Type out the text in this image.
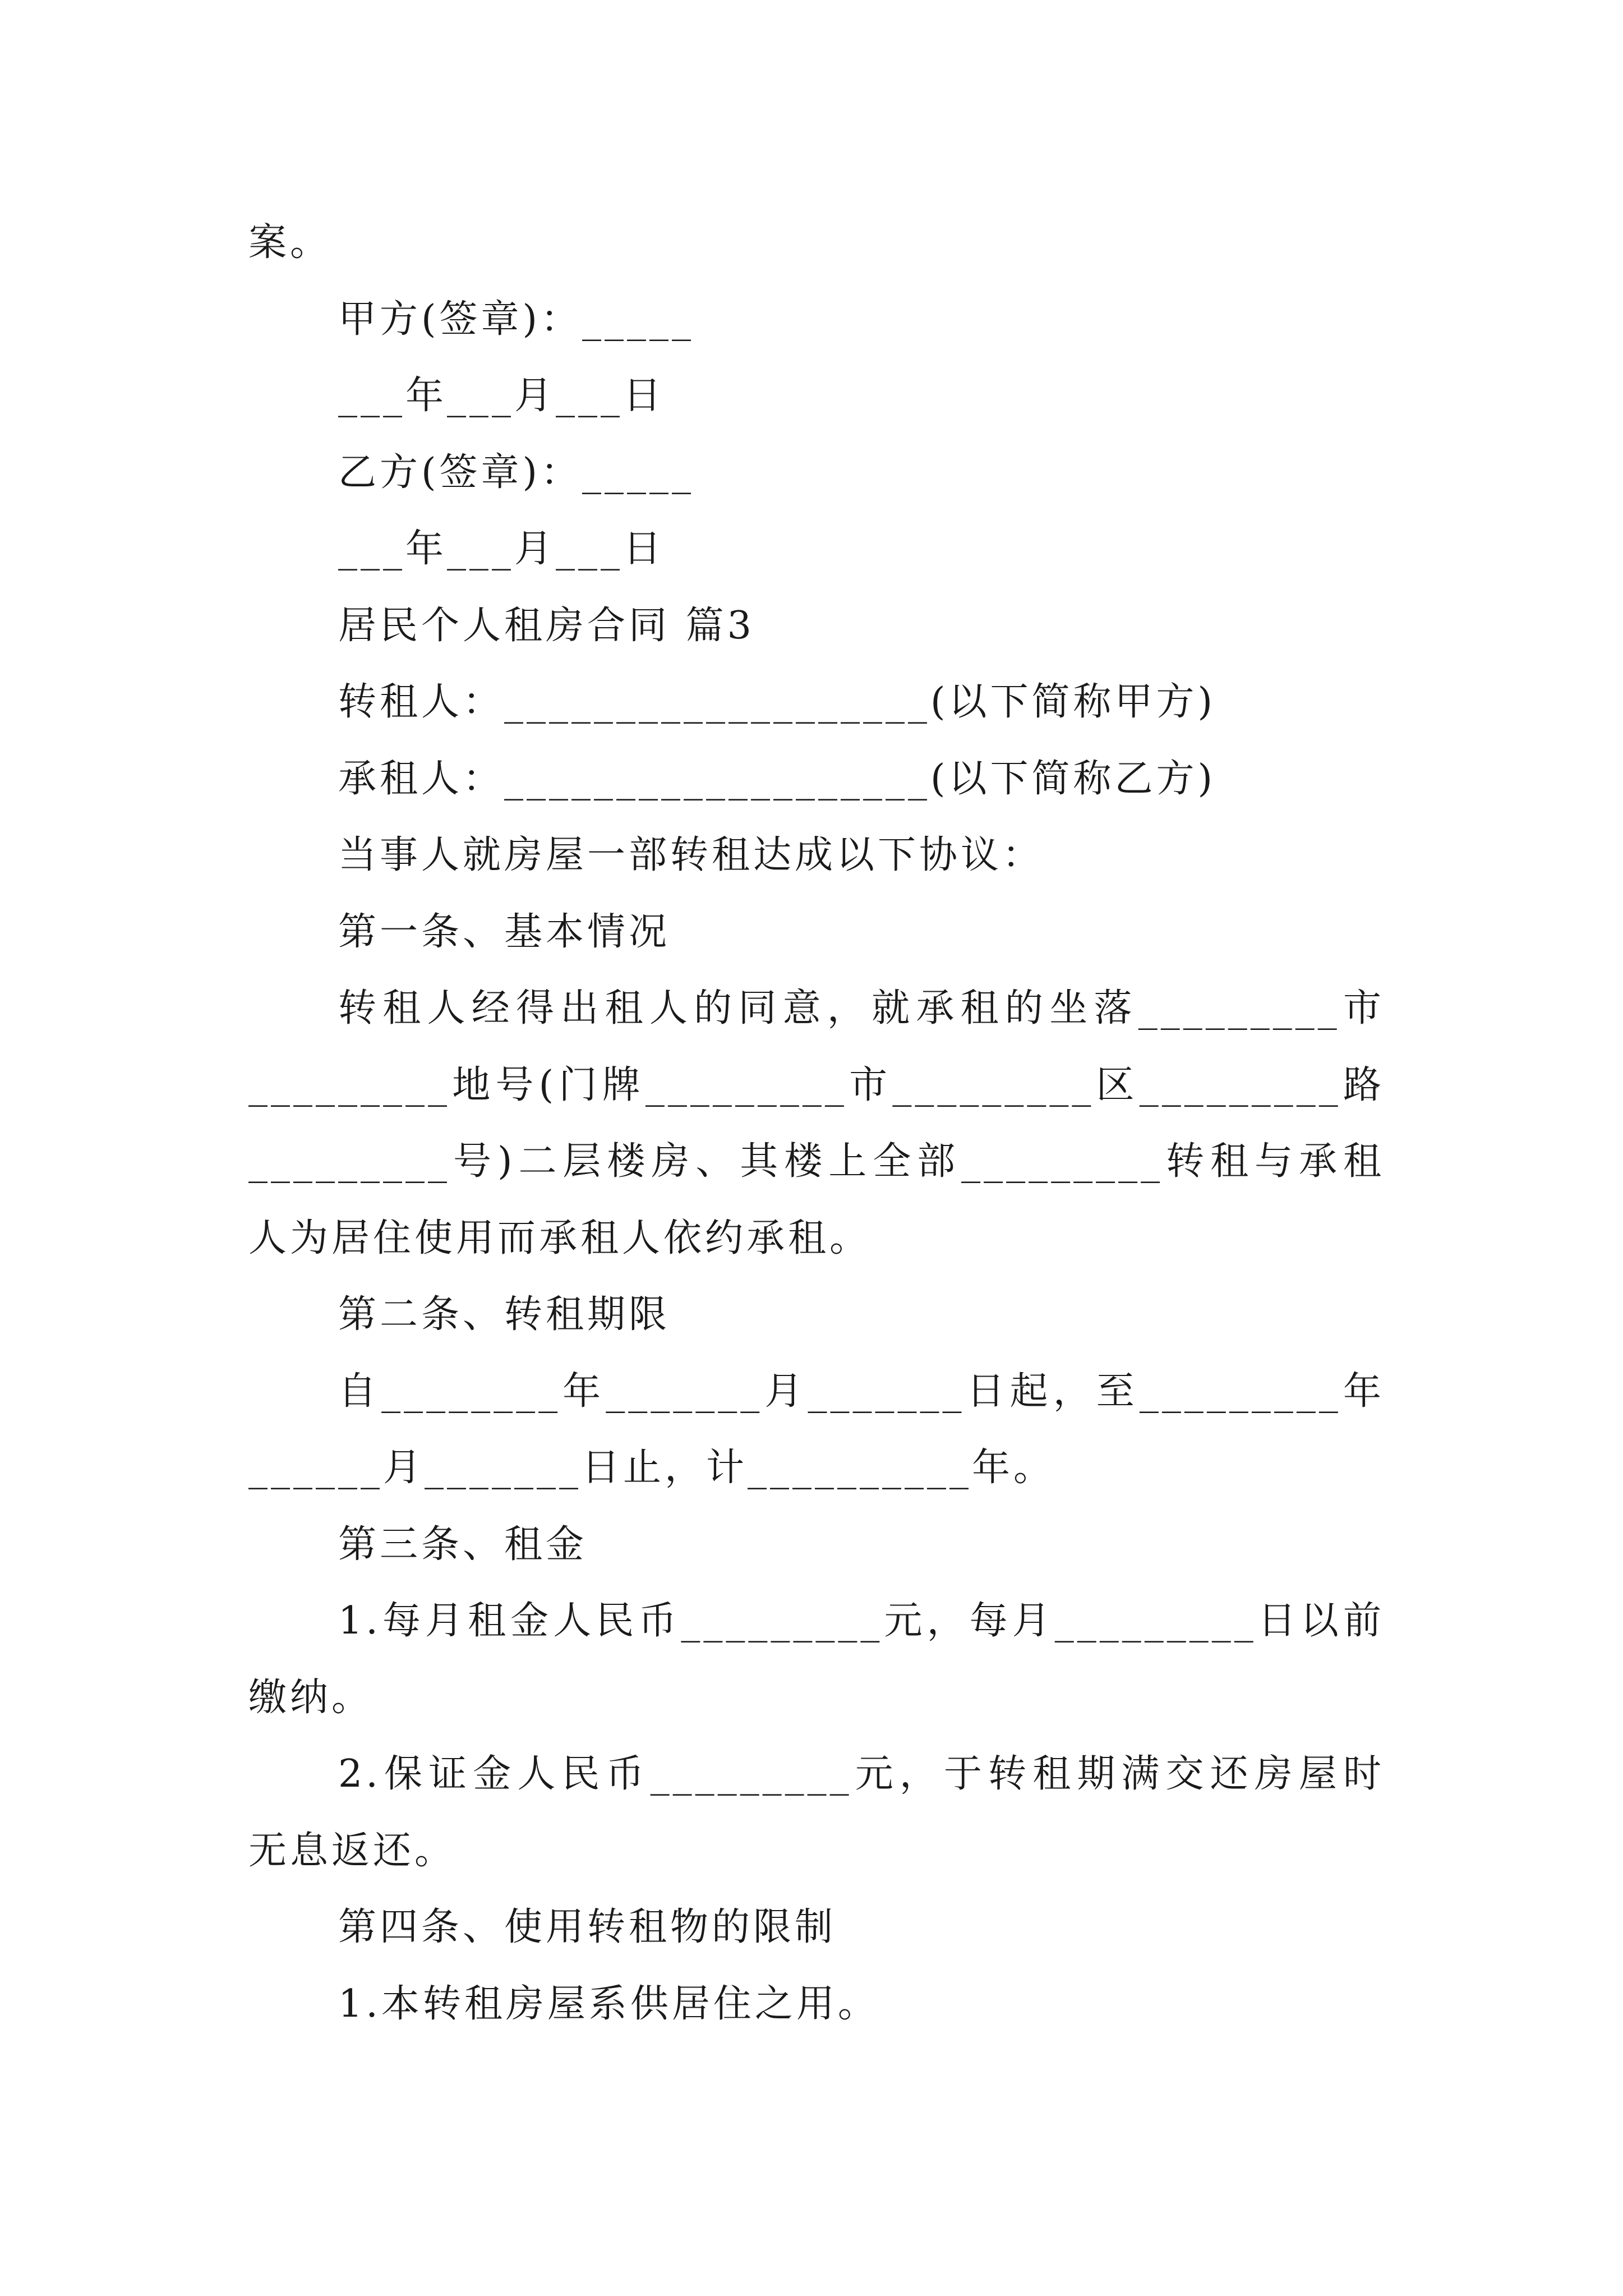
案。
甲方(签章)：_____
___年___月___日
乙方(签章)：_____
___年___月___日
居民个人租房合同 篇3
转租人：___________________(以下简称甲方)
承租人：___________________(以下简称乙方)
当事人就房屋一部转租达成以下协议：
第一条、基本情况
转租人经得出租人的同意，就承租的坐落_________市
_________地号(门牌_________市_________区_________路
_________号)二层楼房、其楼上全部_________转租与承租
人为居住使用而承租人依约承租。
第二条、转租期限
自________年_______月_______日起，至_________年
______月_______日止，计__________年。
第三条、租金
1.每月租金人民币_________元，每月_________日以前
缴纳。
2.保证金人民币_________元，于转租期满交还房屋时
无息返还。
第四条、使用转租物的限制
1.本转租房屋系供居住之用。
